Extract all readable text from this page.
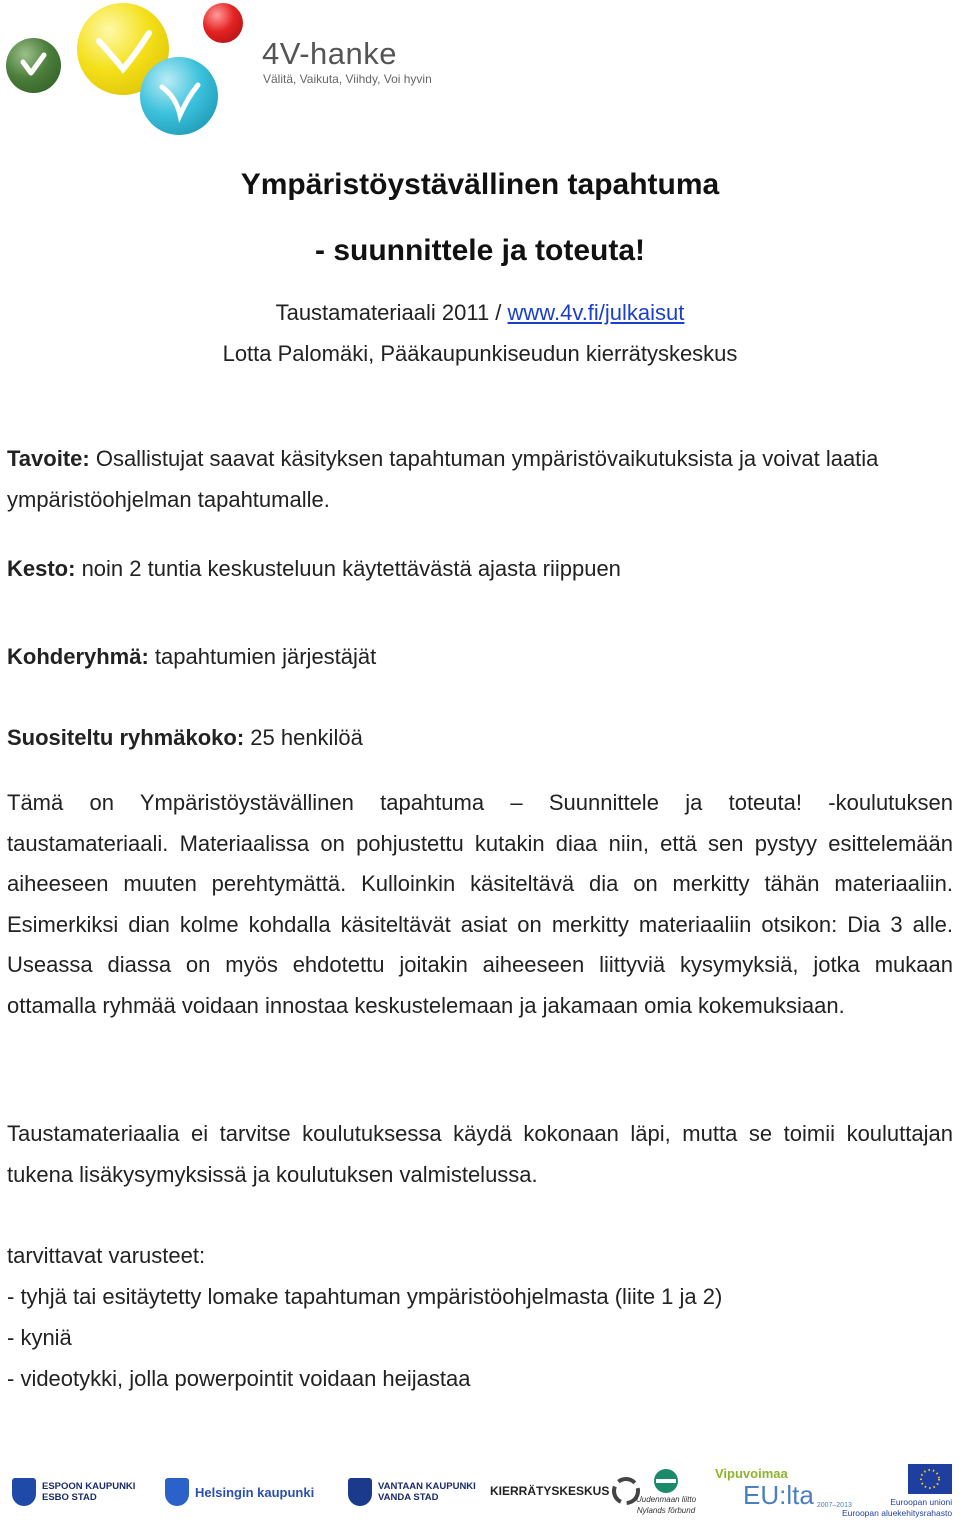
4V-hanke
Välitä, Vaikuta, Viihdy, Voi hyvin
Ympäristöystävällinen tapahtuma
- suunnittele ja toteuta!
Taustamateriaali 2011 / www.4v.fi/julkaisut
Lotta Palomäki, Pääkaupunkiseudun kierrätyskeskus
Tavoite: Osallistujat saavat käsityksen tapahtuman ympäristövaikutuksista ja voivat laatia ympäristöohjelman tapahtumalle.
Kesto: noin 2 tuntia keskusteluun käytettävästä ajasta riippuen
Kohderyhmä: tapahtumien järjestäjät
Suositeltu ryhmäkoko: 25 henkilöä
Tämä on Ympäristöystävällinen tapahtuma – Suunnittele ja toteuta! -koulutuksen taustamateriaali. Materiaalissa on pohjustettu kutakin diaa niin, että sen pystyy esittelemään aiheeseen muuten perehtymättä. Kulloinkin käsiteltävä dia on merkitty tähän materiaaliin. Esimerkiksi dian kolme kohdalla käsiteltävät asiat on merkitty materiaaliin otsikon: Dia 3 alle. Useassa diassa on myös ehdotettu joitakin aiheeseen liittyviä kysymyksiä, jotka mukaan ottamalla ryhmää voidaan innostaa keskustelemaan ja jakamaan omia kokemuksiaan.
Taustamateriaalia ei tarvitse koulutuksessa käydä kokonaan läpi, mutta se toimii kouluttajan tukena lisäkysymyksissä ja koulutuksen valmistelussa.
tarvittavat varusteet:
- tyhjä tai esitäytetty lomake tapahtuman ympäristöohjelmasta (liite 1 ja 2)
- kyniä
- videotykki, jolla powerpointit voidaan heijastaa
ESPOON KAUPUNKI
ESBO STAD	Helsingin kaupunki	VANTAAN KAUPUNKI
VANDA STAD	KIERRÄTYSKESKUS
Uudenmaan liitto
Nylands förbund
Vipuvoimaa
EU:lta 2007–2013	Euroopan unioni
Euroopan aluekehitysrahasto
